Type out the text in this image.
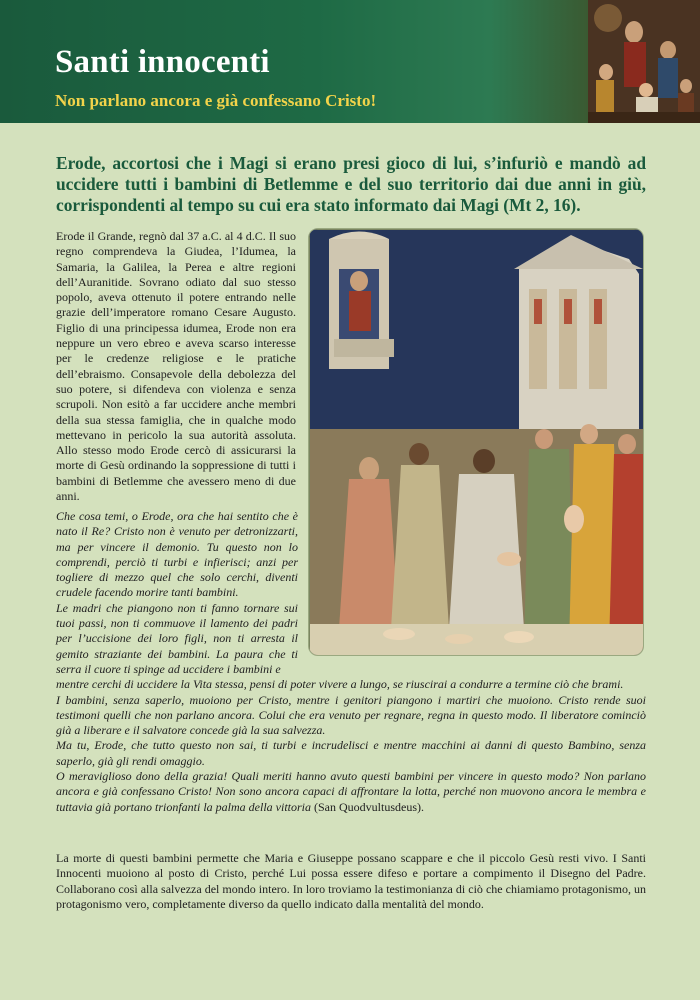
Santi innocenti
Non parlano ancora e già confessano Cristo!
Erode, accortosi che i Magi si erano presi gioco di lui, s’infuriò e mandò ad uccidere tutti i bambini di Betlemme e del suo territorio dai due anni in giù, corrispondenti al tempo su cui era stato informato dai Magi (Mt 2, 16).
Erode il Grande, regnò dal 37 a.C. al 4 d.C. Il suo regno comprendeva la Giudea, l’Idumea, la Samaria, la Galilea, la Perea e altre regioni dell’Auranitide. Sovrano odiato dal suo stesso popolo, aveva ottenuto il potere entrando nelle grazie dell’imperatore romano Cesare Augusto. Figlio di una principessa idumea, Erode non era neppure un vero ebreo e aveva scarso interesse per le credenze religiose e le pratiche dell’ebraismo. Consapevole della debolezza del suo potere, si difendeva con violenza e senza scrupoli. Non esitò a far uccidere anche membri della sua stessa famiglia, che in qualche modo mettevano in pericolo la sua autorità assoluta. Allo stesso modo Erode cercò di assicurarsi la morte di Gesù ordinando la soppressione di tutti i bambini di Betlemme che avessero meno di due anni.

Che cosa temi, o Erode, ora che hai sentito che è nato il Re? Cristo non è venuto per detronizzarti, ma per vincere il demonio. Tu questo non lo comprendi, perciò ti turbi e infierisci; anzi per togliere di mezzo quel che solo cerchi, diventi crudele facendo morire tanti bambini.

Le madri che piangono non ti fanno tornare sui tuoi passi, non ti commuove il lamento dei padri per l’uccisione dei loro figli, non ti arresta il gemito straziante dei bambini. La paura che ti serra il cuore ti spinge ad uccidere i bambini e
mentre cerchi di uccidere la Vita stessa, pensi di poter vivere a lungo, se riuscirai a condurre a termine ciò che brami.

I bambini, senza saperlo, muoiono per Cristo, mentre i genitori piangono i martiri che muoiono. Cristo rende suoi testimoni quelli che non parlano ancora. Colui che era venuto per regnare, regna in questo modo. Il liberatore cominciò già a liberare e il salvatore concede già la sua salvezza.

Ma tu, Erode, che tutto questo non sai, ti turbi e incrudelisci e mentre macchini ai danni di questo Bambino, senza saperlo, già gli rendi omaggio.

O meraviglioso dono della grazia! Quali meriti hanno avuto questi bambini per vincere in questo modo? Non parlano ancora e già confessano Cristo! Non sono ancora capaci di affrontare la lotta, perché non muovono ancora le membra e tuttavia già portano trionfanti la palma della vittoria (San Quodvultusdeus).

La morte di questi bambini permette che Maria e Giuseppe possano scappare e che il piccolo Gesù resti vivo. I Santi Innocenti muoiono al posto di Cristo, perché Lui possa essere difeso e portare a compimento il Disegno del Padre. Collaborano così alla salvezza del mondo intero. In loro troviamo la testimonianza di ciò che chiamiamo protagonismo, un protagonismo vero, completamente diverso da quello indicato dalla mentalità del mondo.
